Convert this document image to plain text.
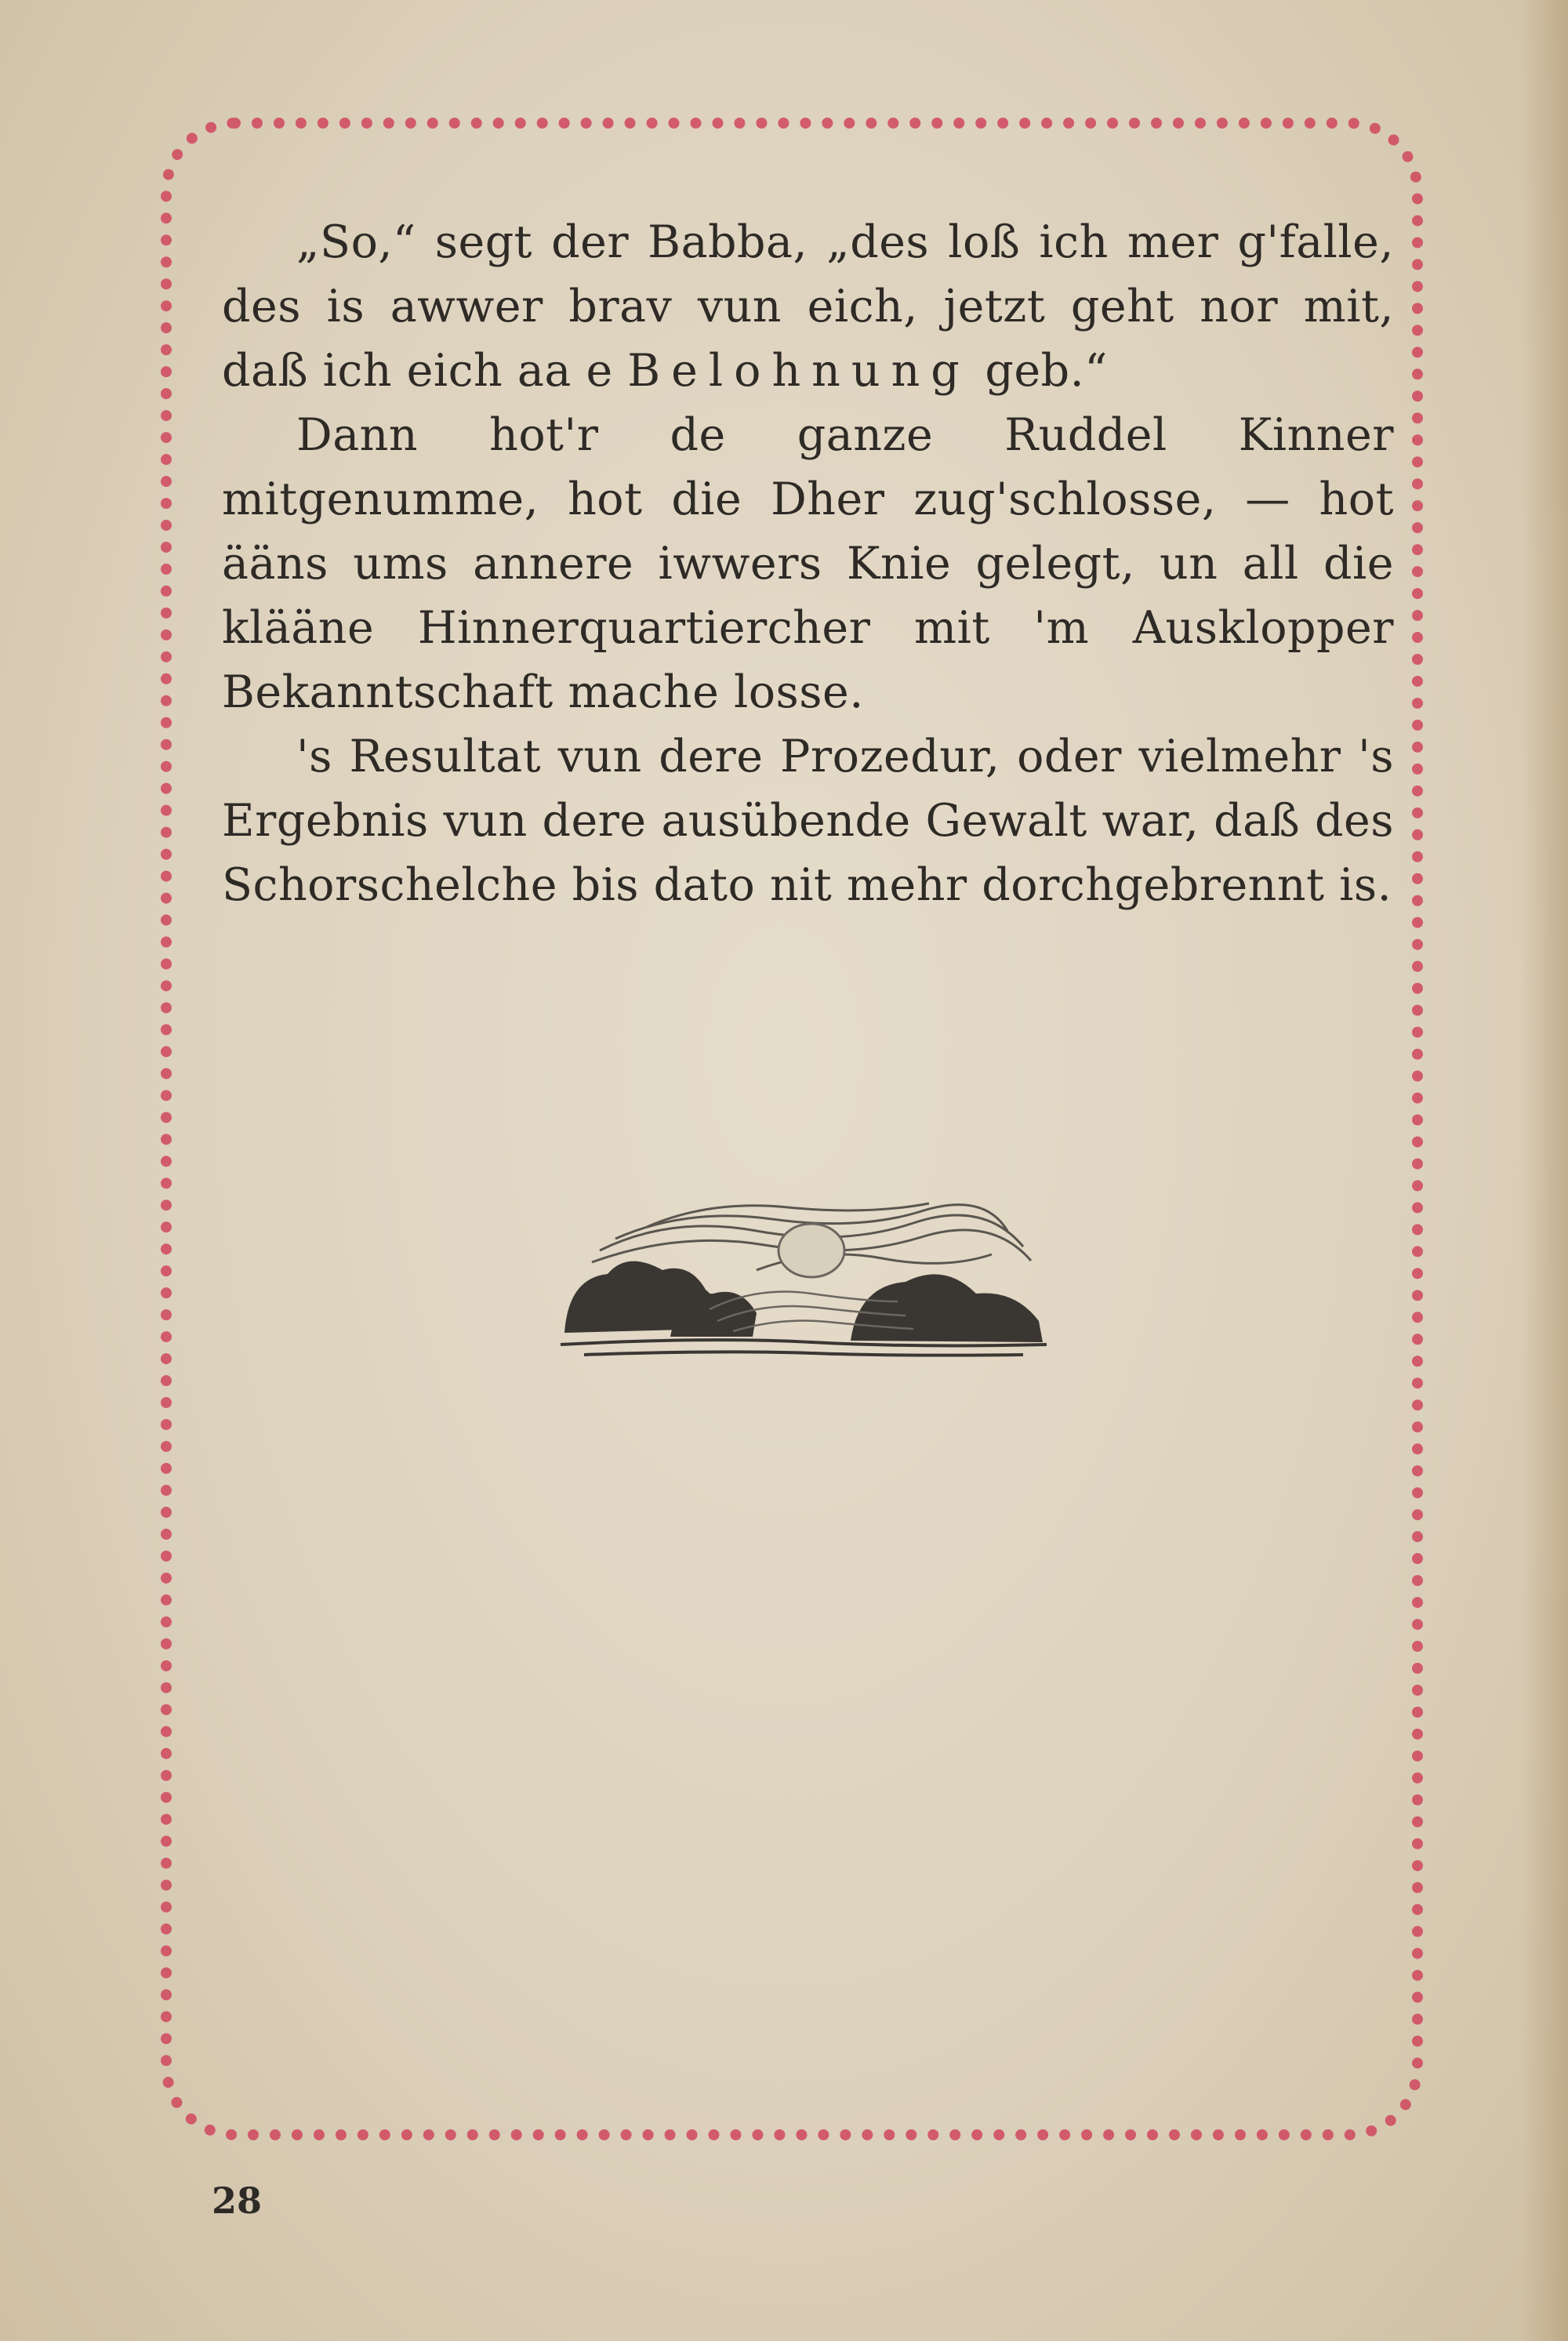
„So,“ segt der Babba, „des loß ich mer g'falle, des is awwer brav vun eich, jetzt geht nor mit, daß ich eich aa e Belohnung geb.“

Dann hot'r de ganze Ruddel Kinner mitgenumme, hot die Dher zug'schlosse, — hot ääns ums annere iwwers Knie gelegt, un all die klääne Hinnerquartiercher mit 'm Ausklopper Bekanntschaft mache losse.

's Resultat vun dere Prozedur, oder vielmehr 's Ergebnis vun dere ausübende Gewalt war, daß des Schorschelche bis dato nit mehr dorchgebrennt is.

28
